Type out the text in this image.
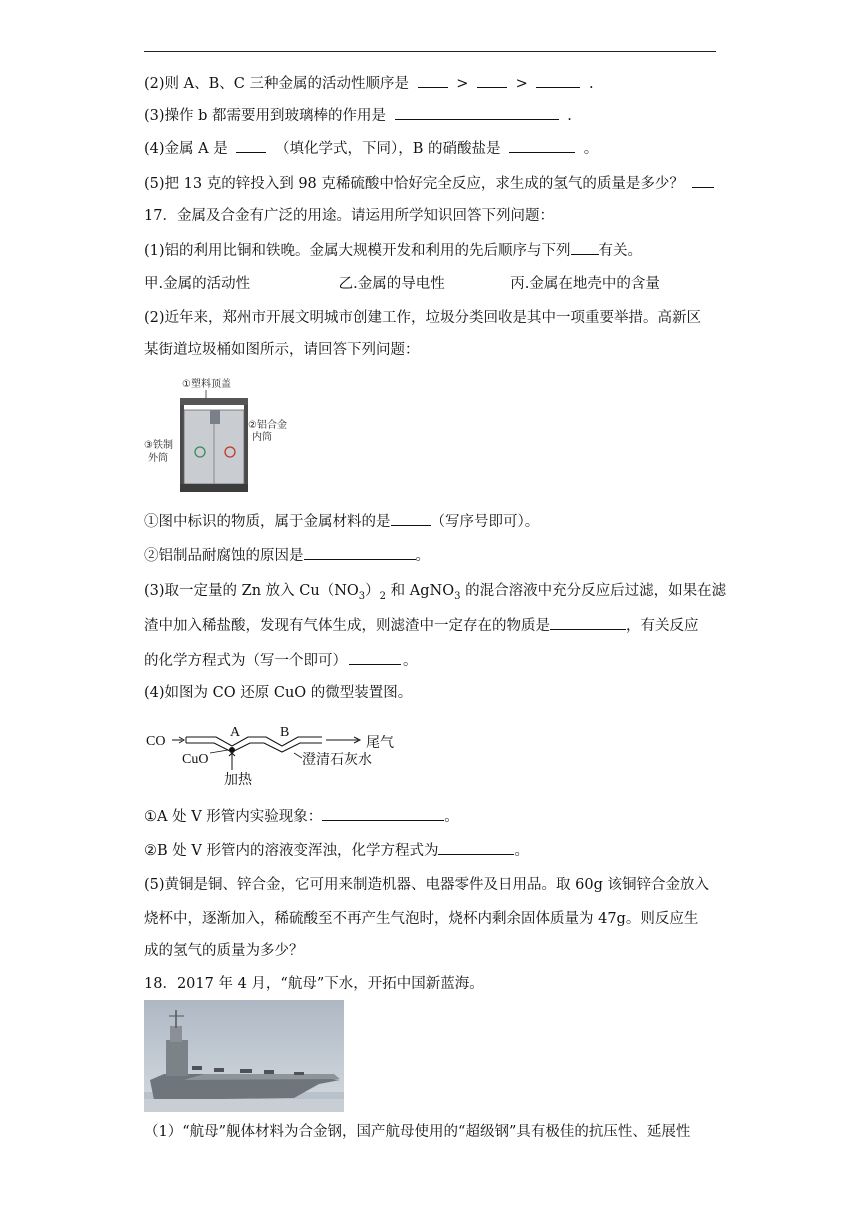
(2)则 A、B、C 三种金属的活动性顺序是	>	>	.
(3)操作 b 都需要用到玻璃棒的作用是	.
(4)金属 A 是	（填化学式，下同），B 的硝酸盐是	。
(5)把 13 克的锌投入到 98 克稀硫酸中恰好完全反应，求生成的氢气的质量是多少？
17．金属及合金有广泛的用途。请运用所学知识回答下列问题：
(1)铝的利用比铜和铁晚。金属大规模开发和利用的先后顺序与下列 有关。
甲.金属的活动性	乙.金属的导电性	丙.金属在地壳中的含量
(2)近年来，郑州市开展文明城市创建工作，垃圾分类回收是其中一项重要举措。高新区
某街道垃圾桶如图所示，请回答下列问题：
①塑料顶盖
②铝合金
内筒
③铁制
外筒
①图中标识的物质，属于金属材料的是	（写序号即可）。
②铝制品耐腐蚀的原因是	。
(3)取一定量的 Zn 放入 $Cu(NO_3)_2$ 和 AgNO$_3$ 的混合溶液中充分反应后过滤，如果在滤
渣中加入稀盐酸，发现有气体生成，则滤渣中一定存在的物质是	，有关反应
的化学方程式为（写一个即可）	。
(4)如图为 CO 还原 CuO 的微型装置图。
CO
A	B
CuO
加热
尾气
澄清石灰水
①A 处 V 形管内实验现象：	。
②B 处 V 形管内的溶液变浑浊，化学方程式为	。
(5)黄铜是铜、锌合金，它可用来制造机器、电器零件及日用品。取 60g 该铜锌合金放入
烧杯中，逐渐加入，稀硫酸至不再产生气泡时，烧杯内剩余固体质量为 47g。则反应生
成的氢气的质量为多少？
18．2017 年 4 月，“航母”下水，开拓中国新蓝海。
（1）“航母”舰体材料为合金钢，国产航母使用的“超级钢”具有极佳的抗压性、延展性
